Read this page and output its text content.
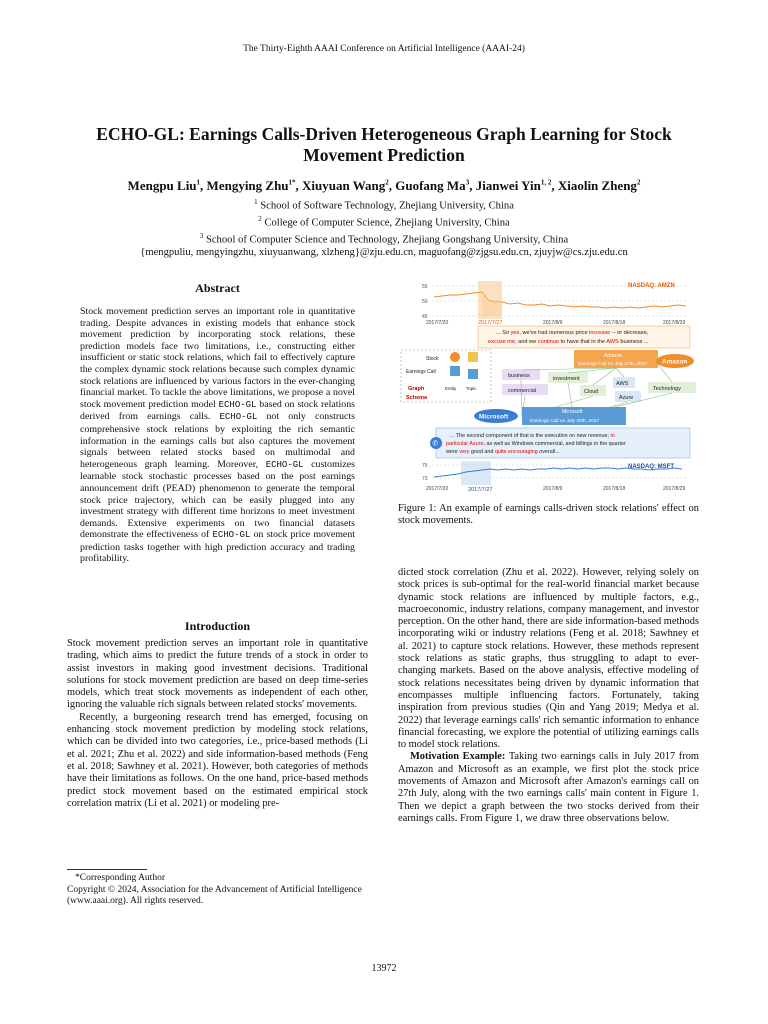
The Thirty-Eighth AAAI Conference on Artificial Intelligence (AAAI-24)
ECHO-GL: Earnings Calls-Driven Heterogeneous Graph Learning for Stock
Movement Prediction
Mengpu Liu$^1$, Mengying Zhu$^{1*}$, Xiuyuan Wang$^2$, Guofang Ma$^3$, Jianwei Yin$^{1, 2}$, Xiaolin Zheng$^2$
$^1$ School of Software Technology, Zhejiang University, China
$^2$ College of Computer Science, Zhejiang University, China
$^3$ School of Computer Science and Technology, Zhejiang Gongshang University, China
{mengpuliu, mengyingzhu, xiuyuanwang, xlzheng}@zju.edu.cn, maguofang@zjgsu.edu.cn, zjuyjw@cs.zju.edu.cn
Abstract
Stock movement prediction serves an important role in quantitative trading. Despite advances in existing models that enhance stock movement prediction by incorporating stock relations, these prediction models face two limitations, i.e., constructing either insufficient or static stock relations, which fail to effectively capture the complex dynamic stock relations because such complex dynamic stock relations are influenced by various factors in the ever-changing financial market. To tackle the above limitations, we propose a novel stock movement prediction model ECHO-GL based on stock relations derived from earnings calls. ECHO-GL not only constructs comprehensive stock relations by exploiting the rich semantic information in the earnings calls but also captures the movement signals between related stocks based on multimodal and heterogeneous graph learning. Moreover, ECHO-GL customizes learnable stock stochastic processes based on the post earnings announcement drift (PEAD) phenomenon to generate the temporal stock price trajectory, which can be easily plugged into any investment strategy with different time horizons to meet investment demands. Extensive experiments on two financial datasets demonstrate the effectiveness of ECHO-GL on stock price movement prediction tasks together with high prediction accuracy and trading profitability.
Introduction

Stock movement prediction serves an important role in quantitative trading, which aims to predict the future trends of a stock in order to assist investors in making good investment decisions. Traditional solutions for stock movement prediction are based on deep time-series models, which treat stock movements as independent of each other, ignoring the valuable rich signals between related stocks' movements.

Recently, a burgeoning research trend has emerged, focusing on enhancing stock movement prediction by modeling stock relations, which can be divided into two categories, i.e., price-based methods (Li et al. 2021; Zhu et al. 2022) and side information-based methods (Feng et al. 2018; Sawhney et al. 2021). However, both categories of methods have their limitations as follows. On the one hand, price-based methods predict stock movement based on the estimated empirical stock correlation matrix (Li et al. 2021) or modeling pre-

*Corresponding Author
Copyright © 2024, Association for the Advancement of Artificial Intelligence (www.aaai.org). All rights reserved.
55
50
45
NASDAQ: AMZN
2017/7/20	2017/7/27	2017/8/9	2017/8/18	2017/8/29
... So yes, we've had numerous price increase -- or decrease,
excuse me, and we continue to have that in the AWS business ...
Stock
Earnings Call
Entity Topic
Graph
Schema
Amazon
Earnings Call on July 27th, 2017 Amazon
business	investment
commercial	Cloud
AWS
Technology
Azure
Microsoft
Microsoft
Earnings Call on July 20th, 2017
✆
... The second component of that is the execution on new revenue; in
particular Azure, as well as Windows commercial, and billings in the quarter
were very good and quite encouraging overall...
75
73
NASDAQ: MSFT
2017/7/20	2017/7/27	2017/8/9	2017/8/18	2017/8/29
Figure 1: An example of earnings calls-driven stock relations' effect on stock movements.

dicted stock correlation (Zhu et al. 2022). However, relying solely on stock prices is sub-optimal for the real-world financial market because dynamic stock relations are influenced by multiple factors, e.g., macroeconomic, industry relations, company management, and investor perception. On the other hand, there are side information-based methods incorporating wiki or industry relations (Feng et al. 2018; Sawhney et al. 2021) to capture stock relations. However, these methods represent stock relations as static graphs, thus struggling to adapt to ever-changing markets. Based on the above analysis, effective modeling of stock relations necessitates being driven by dynamic information that encompasses multiple influencing factors. Fortunately, taking inspiration from previous studies (Qin and Yang 2019; Medya et al. 2022) that leverage earnings calls' rich semantic information to enhance financial forecasting, we explore the potential of utilizing earnings calls to model stock relations.

Motivation Example: Taking two earnings calls in July 2017 from Amazon and Microsoft as an example, we first plot the stock price movements of Amazon and Microsoft after Amazon's earnings call on 27th July, along with the two earnings calls' main content in Figure 1. Then we depict a graph between the two stocks derived from their earnings calls. From Figure 1, we draw three observations below.

13972
